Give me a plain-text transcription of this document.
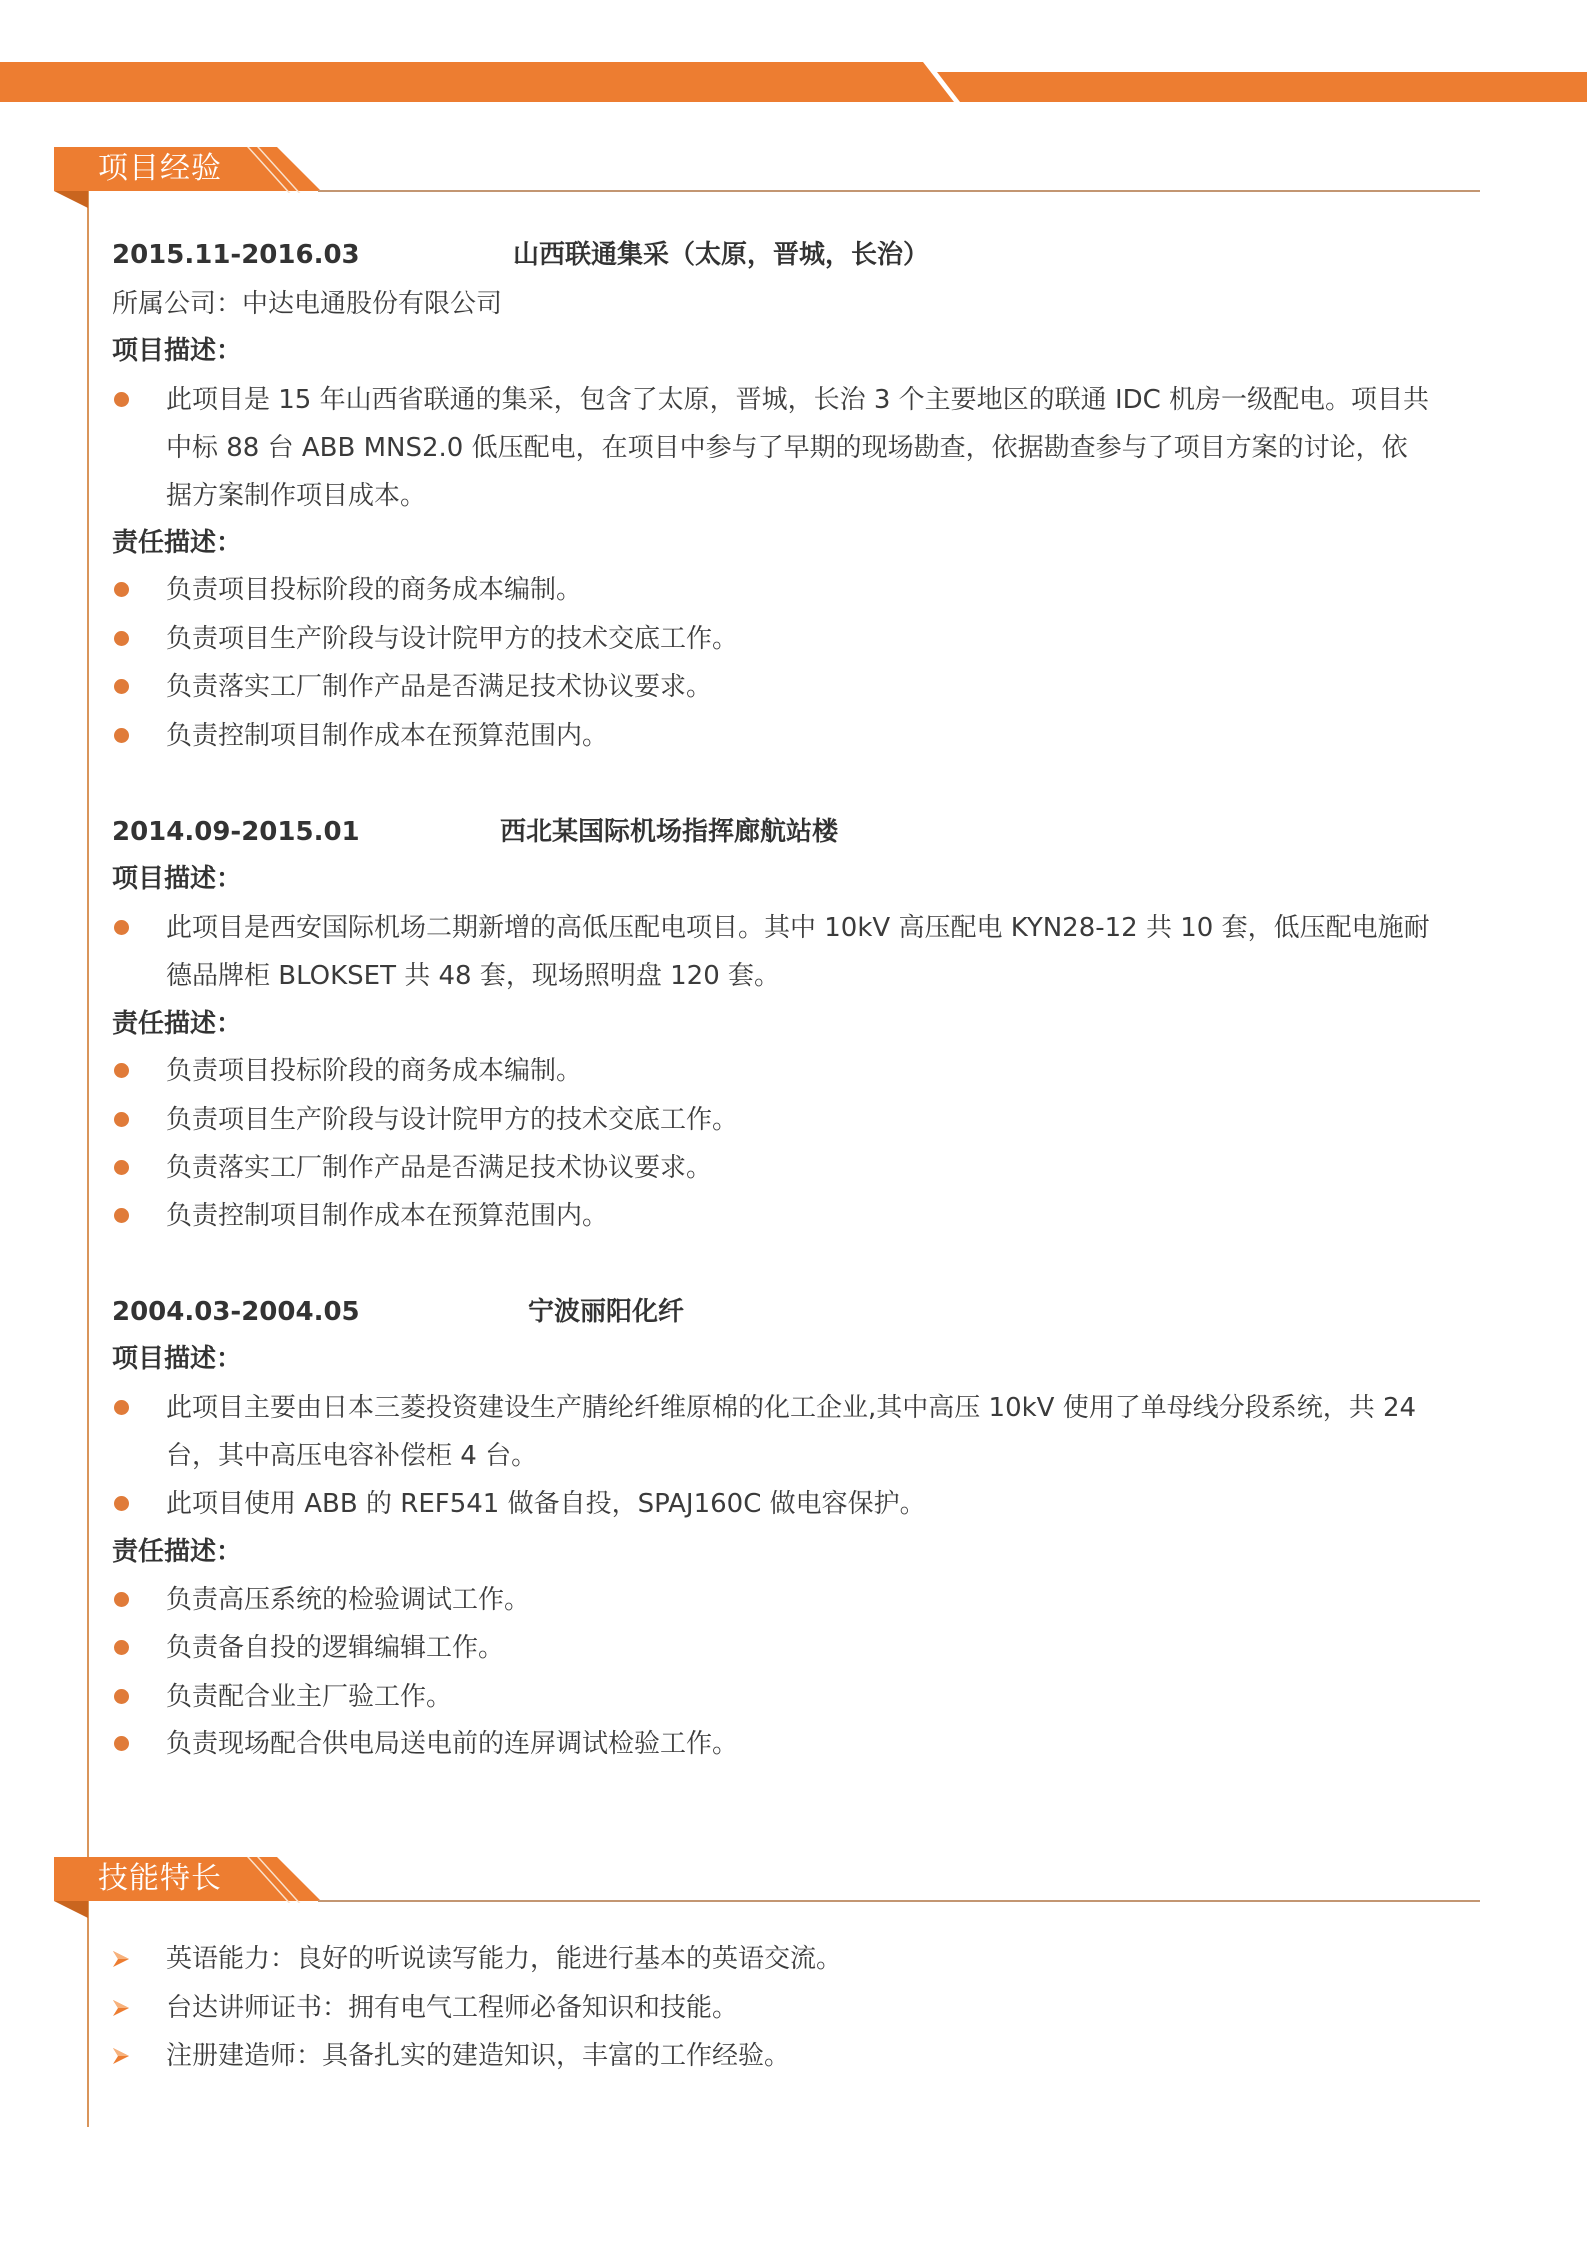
项目经验
2015.11-2016.03	山西联通集采（太原，晋城，长治）
所属公司：中达电通股份有限公司
项目描述：
此项目是 15 年山西省联通的集采，包含了太原，晋城，长治 3 个主要地区的联通 IDC 机房一级配电。项目共中标 88 台 ABB MNS2.0 低压配电，在项目中参与了早期的现场勘查，依据勘查参与了项目方案的讨论，依据方案制作项目成本。
责任描述：
负责项目投标阶段的商务成本编制。
负责项目生产阶段与设计院甲方的技术交底工作。
负责落实工厂制作产品是否满足技术协议要求。
负责控制项目制作成本在预算范围内。
2014.09-2015.01	西北某国际机场指挥廊航站楼
项目描述：
此项目是西安国际机场二期新增的高低压配电项目。其中 10kV 高压配电 KYN28-12 共 10 套，低压配电施耐德品牌柜 BLOKSET 共 48 套，现场照明盘 120 套。
责任描述：
负责项目投标阶段的商务成本编制。
负责项目生产阶段与设计院甲方的技术交底工作。
负责落实工厂制作产品是否满足技术协议要求。
负责控制项目制作成本在预算范围内。
2004.03-2004.05	宁波丽阳化纤
项目描述：
此项目主要由日本三菱投资建设生产腈纶纤维原棉的化工企业,其中高压 10kV 使用了单母线分段系统，共 24 台，其中高压电容补偿柜 4 台。
此项目使用 ABB 的 REF541 做备自投，SPAJ160C 做电容保护。
责任描述：
负责高压系统的检验调试工作。
负责备自投的逻辑编辑工作。
负责配合业主厂验工作。
负责现场配合供电局送电前的连屏调试检验工作。
技能特长
英语能力：良好的听说读写能力，能进行基本的英语交流。
台达讲师证书：拥有电气工程师必备知识和技能。
注册建造师：具备扎实的建造知识，丰富的工作经验。
